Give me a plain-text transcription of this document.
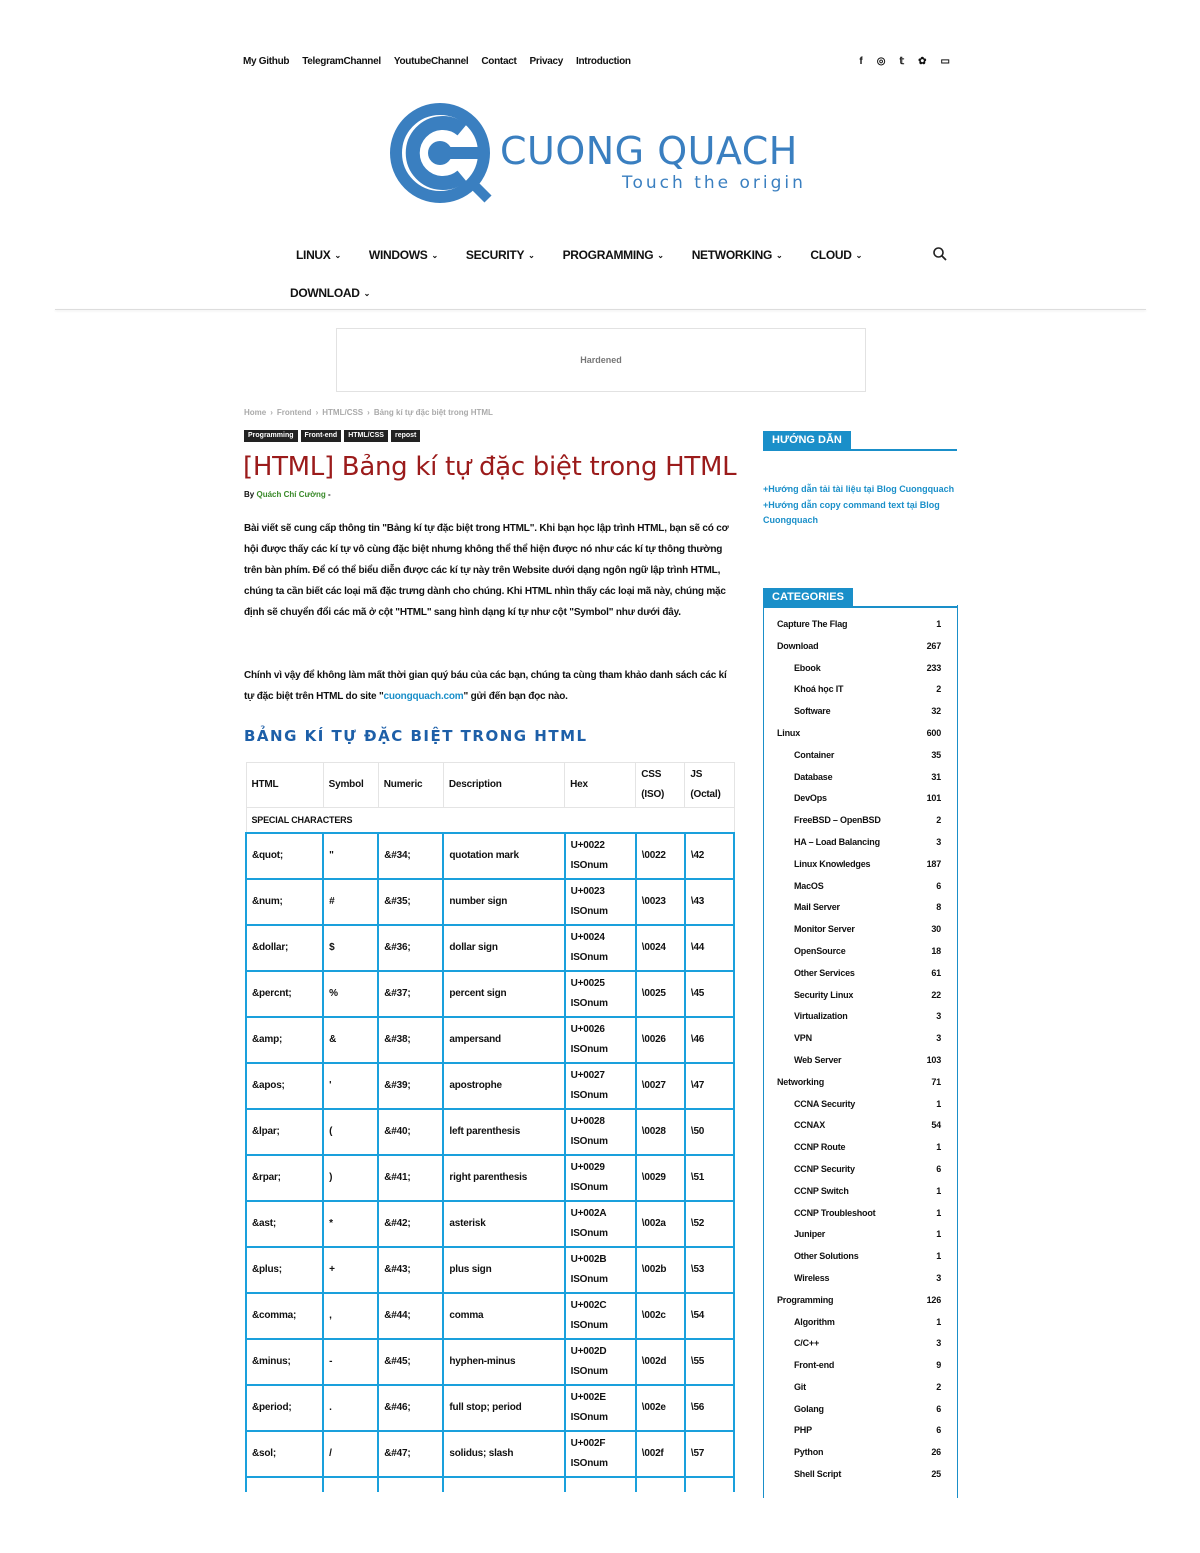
My Github TelegramChannel YoutubeChannel Contact Privacy Introduction	f ◎ 𝕥 ✿ ▭
CUONG QUACH
Touch the origin
LINUX ⌄ WINDOWS ⌄ SECURITY ⌄ PROGRAMMING ⌄ NETWORKING ⌄ CLOUD ⌄
DOWNLOAD ⌄
Hardened
Home › Frontend › HTML/CSS › Bảng kí tự đặc biệt trong HTML
Programming	Front-end	HTML/CSS	repost
[HTML] Bảng kí tự đặc biệt trong HTML
By Quách Chí Cường -

Bài viết sẽ cung cấp thông tin "Bảng kí tự đặc biệt trong HTML". Khi bạn học lập trình HTML, bạn sẽ có cơ hội được thấy các kí tự vô cùng đặc biệt nhưng không thể thể hiện được nó như các kí tự thông thường trên bàn phím. Để có thể biểu diễn được các kí tự này trên Website dưới dạng ngôn ngữ lập trình HTML, chúng ta cần biết các loại mã đặc trưng dành cho chúng. Khi HTML nhìn thấy các loại mã này, chúng mặc định sẽ chuyển đổi các mã ở cột "HTML" sang hình dạng kí tự như cột "Symbol" như dưới đây.

Chính vì vậy để không làm mất thời gian quý báu của các bạn, chúng ta cùng tham khảo danh sách các kí tự đặc biệt trên HTML do site "cuongquach.com" gửi đến bạn đọc nào.

BẢNG KÍ TỰ ĐẶC BIỆT TRONG HTML
HTML	Symbol	Numeric	Description	Hex	CSS (ISO)	JS (Octal)
SPECIAL CHARACTERS						
&quot;	"	&#34;	quotation mark	U+0022 ISOnum	\0022	\42
&num;	#	&#35;	number sign	U+0023 ISOnum	\0023	\43
&dollar;	$	&#36;	dollar sign	U+0024 ISOnum	\0024	\44
&percnt;	%	&#37;	percent sign	U+0025 ISOnum	\0025	\45
&amp;	&	&#38;	ampersand	U+0026 ISOnum	\0026	\46
&apos;	'	&#39;	apostrophe	U+0027 ISOnum	\0027	\47
&lpar;	(	&#40;	left parenthesis	U+0028 ISOnum	\0028	\50
&rpar;	)	&#41;	right parenthesis	U+0029 ISOnum	\0029	\51
&ast;	*	&#42;	asterisk	U+002A ISOnum	\002a	\52
&plus;	+	&#43;	plus sign	U+002B ISOnum	\002b	\53
&comma;	,	&#44;	comma	U+002C ISOnum	\002c	\54
&minus;	-	&#45;	hyphen-minus	U+002D ISOnum	\002d	\55
&period;	.	&#46;	full stop; period	U+002E ISOnum	\002e	\56
&sol;	/	&#47;	solidus; slash	U+002F ISOnum	\002f	\57

HƯỚNG DẪN
+Hướng dẫn tải tài liệu tại Blog Cuongquach
+Hướng dẫn copy command text tại Blog Cuongquach
CATEGORIES
Capture The Flag	1
Download	267
Ebook	233
Khoá học IT	2
Software	32
Linux	600
Container	35
Database	31
DevOps	101
FreeBSD – OpenBSD	2
HA – Load Balancing	3
Linux Knowledges	187
MacOS	6
Mail Server	8
Monitor Server	30
OpenSource	18
Other Services	61
Security Linux	22
Virtualization	3
VPN	3
Web Server	103
Networking	71
CCNA Security	1
CCNAX	54
CCNP Route	1
CCNP Security	6
CCNP Switch	1
CCNP Troubleshoot	1
Juniper	1
Other Solutions	1
Wireless	3
Programming	126
Algorithm	1
C/C++	3
Front-end	9
Git	2
Golang	6
PHP	6
Python	26
Shell Script	25
